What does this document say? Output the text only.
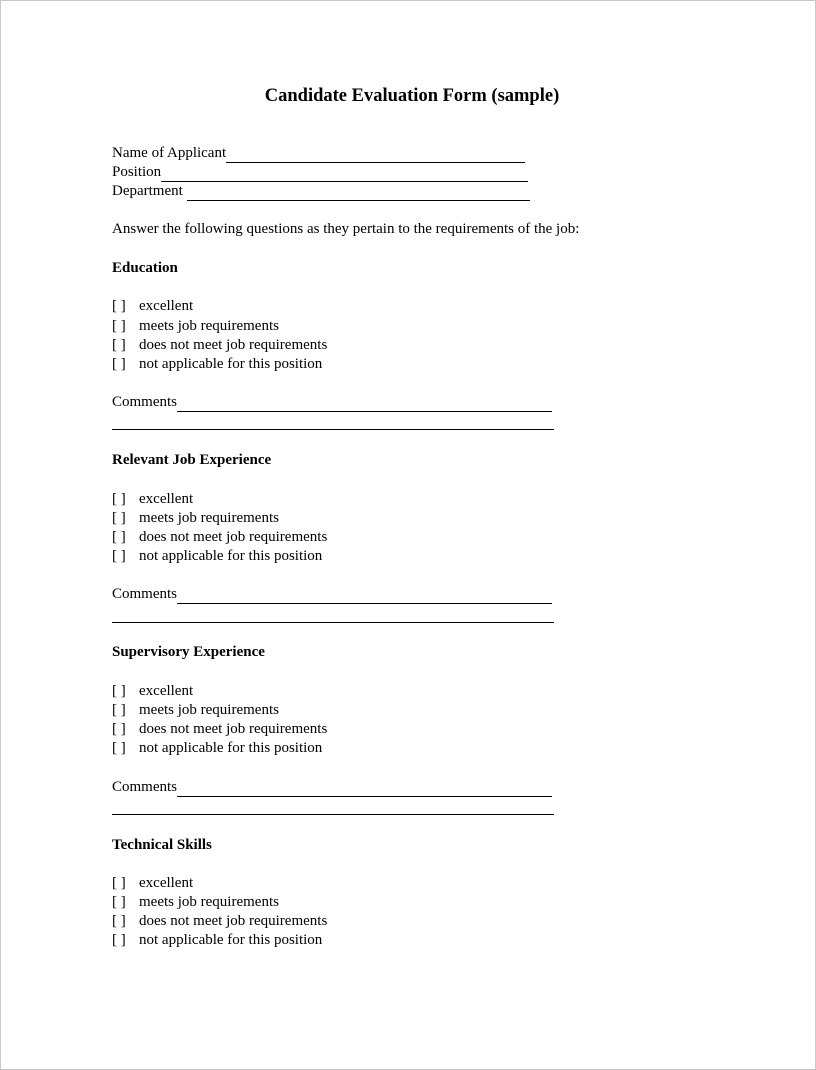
Candidate Evaluation Form (sample)
Name of Applicant
Position
Department
Answer the following questions as they pertain to the requirements of the job:
Education
[ ] excellent
[ ] meets job requirements
[ ] does not meet job requirements
[ ] not applicable for this position
Comments
Relevant Job Experience
[ ] excellent
[ ] meets job requirements
[ ] does not meet job requirements
[ ] not applicable for this position
Comments
Supervisory Experience
[ ] excellent
[ ] meets job requirements
[ ] does not meet job requirements
[ ] not applicable for this position
Comments
Technical Skills
[ ] excellent
[ ] meets job requirements
[ ] does not meet job requirements
[ ] not applicable for this position
